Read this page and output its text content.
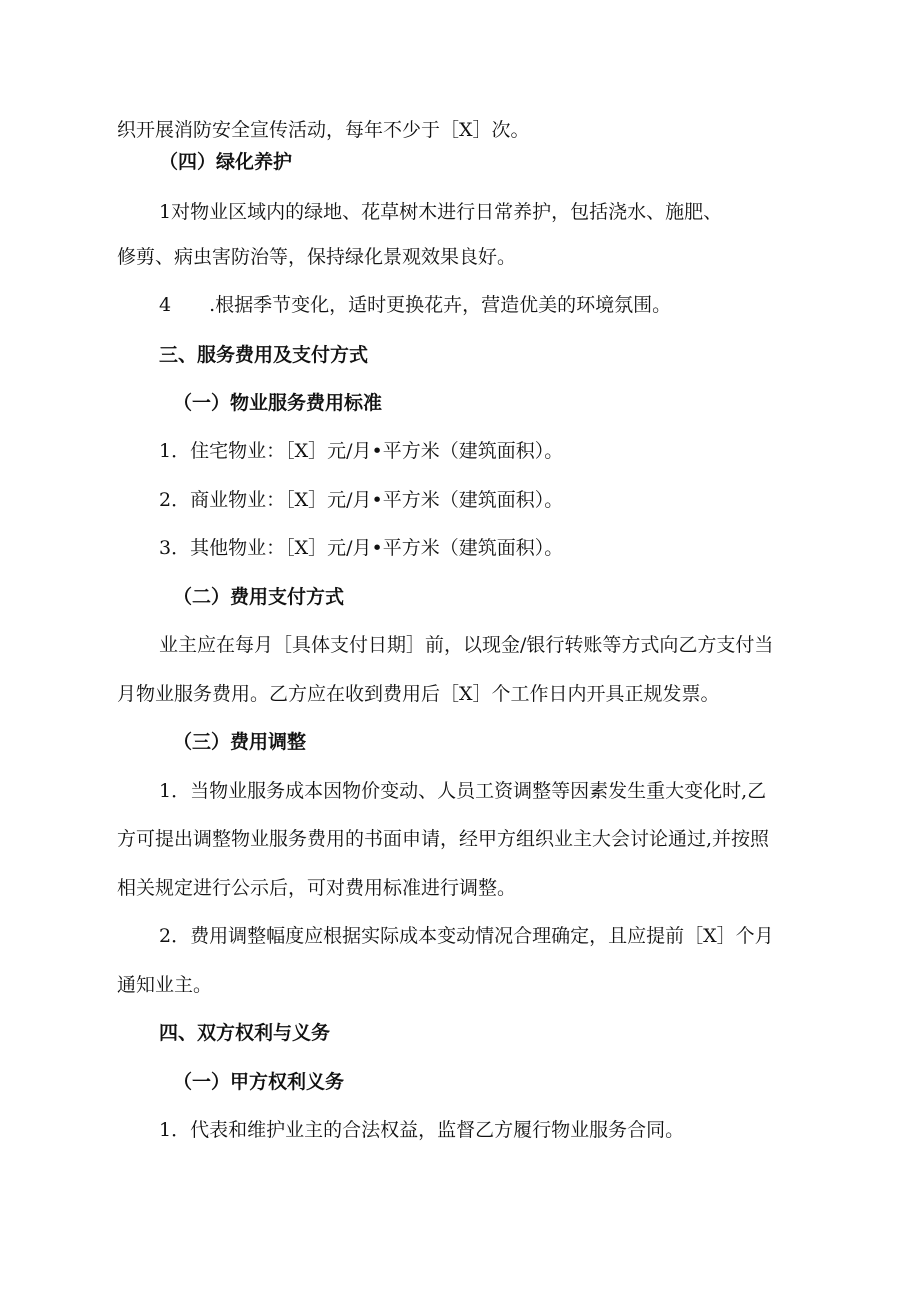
织开展消防安全宣传活动，每年不少于［X］次。
（四）绿化养护
1对物业区域内的绿地、花草树木进行日常养护，包括浇水、施肥、
修剪、病虫害防治等，保持绿化景观效果良好。
4　　.根据季节变化，适时更换花卉，营造优美的环境氛围。
三、服务费用及支付方式
（一）物业服务费用标准
1．住宅物业：［X］元/月•平方米（建筑面积）。
2．商业物业：［X］元/月•平方米（建筑面积）。
3．其他物业：［X］元/月•平方米（建筑面积）。
（二）费用支付方式
业主应在每月［具体支付日期］前，以现金/银行转账等方式向乙方支付当
月物业服务费用。乙方应在收到费用后［X］个工作日内开具正规发票。
（三）费用调整
1．当物业服务成本因物价变动、人员工资调整等因素发生重大变化时,乙
方可提出调整物业服务费用的书面申请，经甲方组织业主大会讨论通过,并按照
相关规定进行公示后，可对费用标准进行调整。
2．费用调整幅度应根据实际成本变动情况合理确定，且应提前［X］个月
通知业主。
四、双方权利与义务
（一）甲方权利义务
1．代表和维护业主的合法权益，监督乙方履行物业服务合同。
